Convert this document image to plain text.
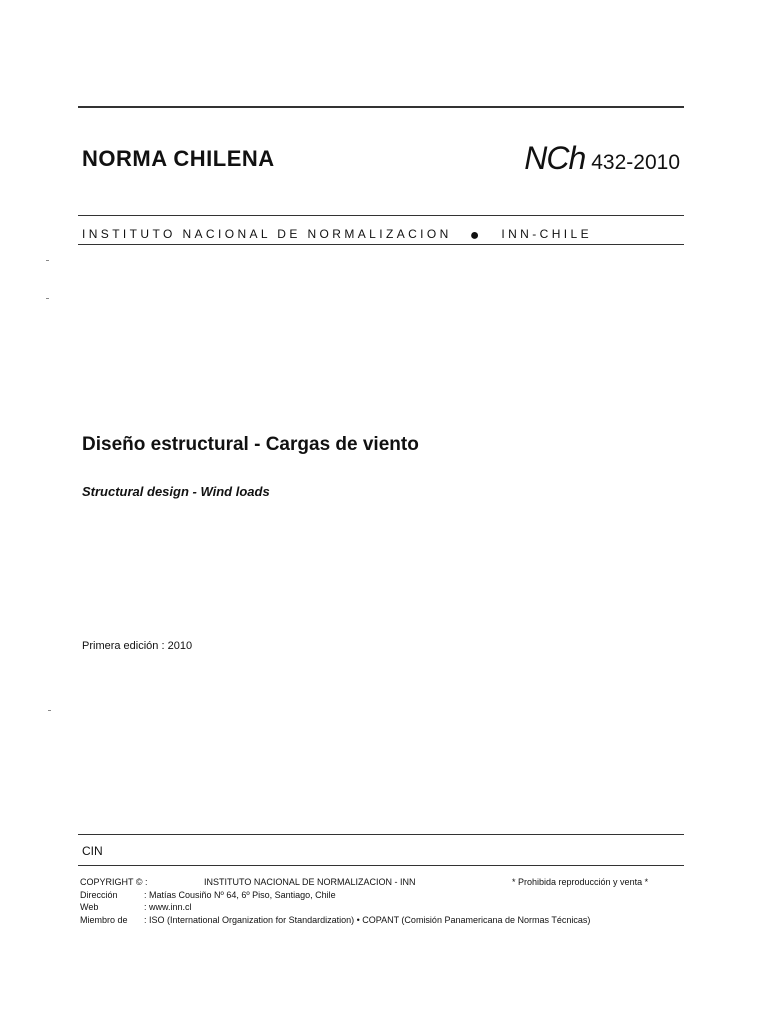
NORMA CHILENA	NCh 432-2010
INSTITUTO NACIONAL DE NORMALIZACION ● INN-CHILE
Diseño estructural - Cargas de viento
Structural design - Wind loads
Primera edición : 2010
CIN
COPYRIGHT © :	INSTITUTO NACIONAL DE NORMALIZACION - INN	* Prohibida reproducción y venta *
Dirección	: Matías Cousiño Nº 64, 6º Piso, Santiago, Chile
Web	: www.inn.cl
Miembro de	: ISO (International Organization for Standardization) • COPANT (Comisión Panamericana de Normas Técnicas)
